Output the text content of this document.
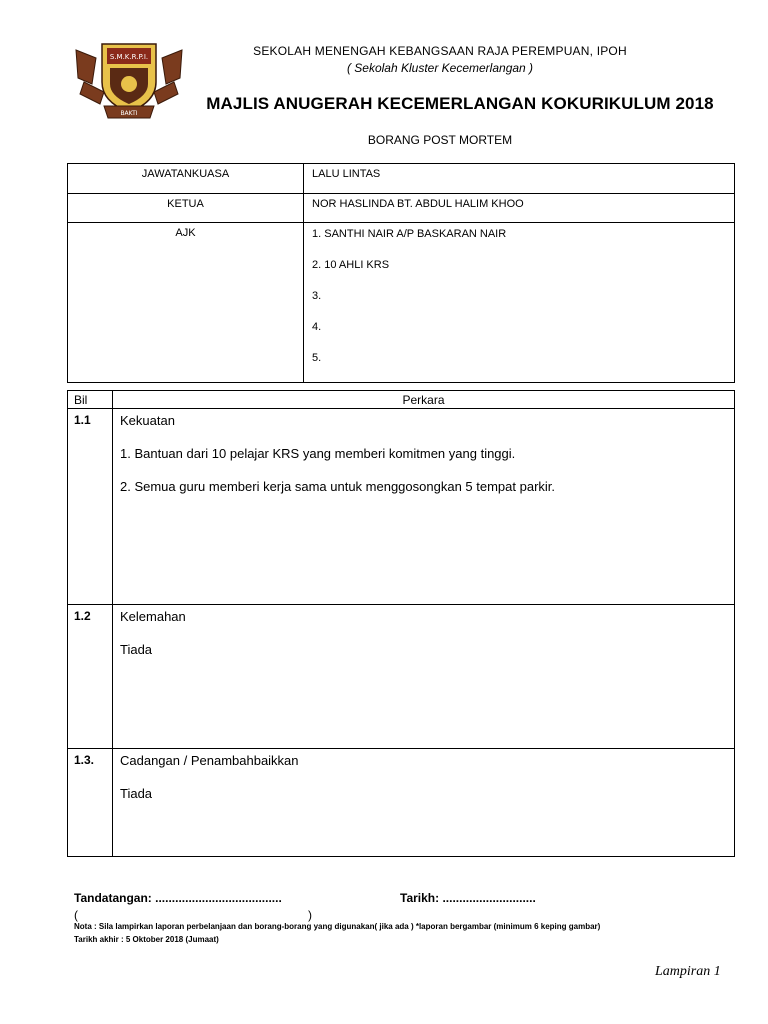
S.M.K.R.P.I.
BAKTI
SEKOLAH MENENGAH KEBANGSAAN RAJA PEREMPUAN, IPOH
( Sekolah Kluster Kecemerlangan )
MAJLIS ANUGERAH KECEMERLANGAN KOKURIKULUM 2018
BORANG POST MORTEM
JAWATANKUASA	LALU LINTAS
KETUA	NOR HASLINDA BT. ABDUL HALIM KHOO
AJK	1. SANTHI NAIR A/P BASKARAN NAIR
2. 10 AHLI KRS
3.
4.
5.
Bil	Perkara
1.1	Kekuatan
1. Bantuan dari 10 pelajar KRS yang memberi komitmen yang tinggi.
2. Semua guru memberi kerja sama untuk menggosongkan 5 tempat parkir.

1.2	Kelemahan
Tiada

1.3.	Cadangan / Penambahbaikkan
Tiada
Tandatangan: ......................................	Tarikh: ............................
(	)
Nota : Sila lampirkan laporan perbelanjaan dan borang-borang yang digunakan( jika ada ) *laporan bergambar (minimum 6 keping gambar)
Tarikh akhir : 5 Oktober 2018 (Jumaat)
Lampiran 1
